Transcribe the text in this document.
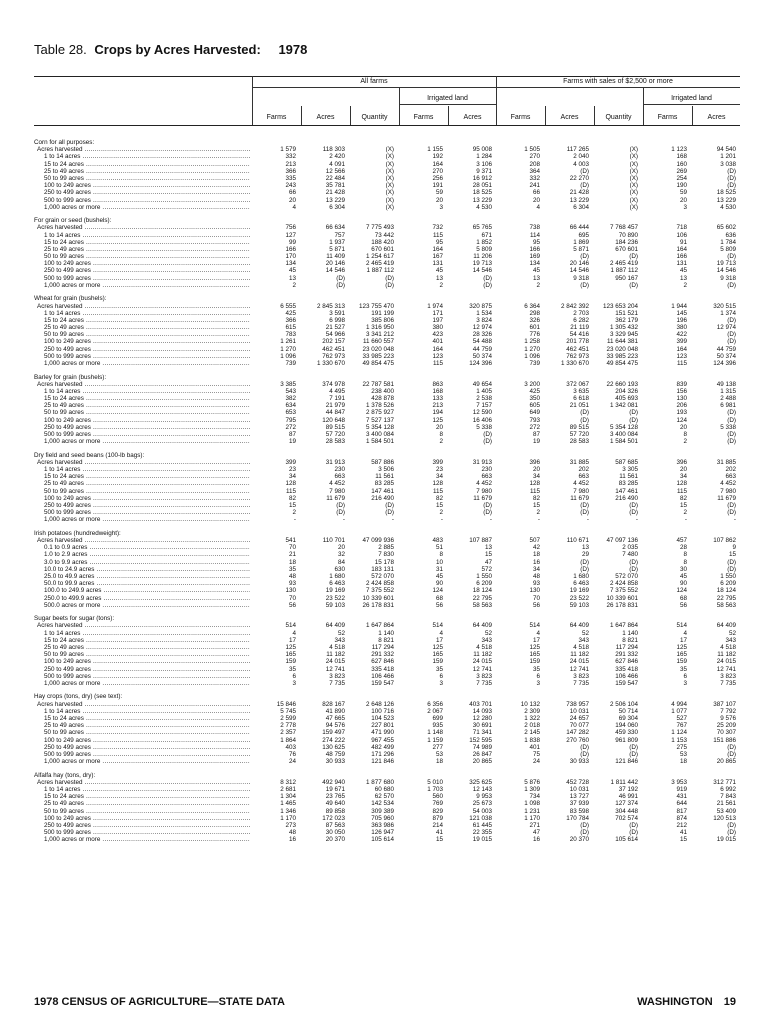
Table 28. Crops by Acres Harvested: 1978
All farms	Farms with sales of $2,500 or more
Irrigated land	Irrigated land
Farms	Acres	Quantity	Farms	Acres	Farms	Acres	Quantity	Farms	Acres
Corn for all purposes:
Acres harvested .....	1 579	118 303	(X)	1 155	95 008	1 505	117 265	(X)	1 123	94 540
1 to 14 acres .....	332	2 420	(X)	192	1 284	270	2 040	(X)	168	1 201
15 to 24 acres .....	213	4 091	(X)	164	3 106	208	4 003	(X)	160	3 038
25 to 49 acres .....	366	12 566	(X)	270	9 371	364	(D)	(X)	269	(D)
50 to 99 acres .....	335	22 484	(X)	256	16 912	332	22 270	(X)	254	(D)
100 to 249 acres .....	243	35 781	(X)	191	28 051	241	(D)	(X)	190	(D)
250 to 499 acres .....	66	21 428	(X)	59	18 525	66	21 428	(X)	59	18 525
500 to 999 acres .....	20	13 229	(X)	20	13 229	20	13 229	(X)	20	13 229
1,000 acres or more .....	4	6 304	(X)	3	4 530	4	6 304	(X)	3	4 530
For grain or seed (bushels):
Acres harvested .....	756	66 634	7 775 493	732	65 765	738	66 444	7 768 457	718	65 602
1 to 14 acres .....	127	757	73 442	115	671	114	695	70 890	106	636
15 to 24 acres .....	99	1 937	188 420	95	1 852	95	1 869	184 236	91	1 784
25 to 49 acres .....	166	5 871	670 601	164	5 809	166	5 871	670 601	164	5 809
50 to 99 acres .....	170	11 409	1 254 617	167	11 206	169	(D)	(D)	166	(D)
100 to 249 acres .....	134	20 146	2 465 419	131	19 713	134	20 146	2 465 419	131	19 713
250 to 499 acres .....	45	14 546	1 887 112	45	14 546	45	14 546	1 887 112	45	14 546
500 to 999 acres .....	13	(D)	(D)	13	(D)	13	9 318	950 167	13	9 318
1,000 acres or more .....	2	(D)	(D)	2	(D)	2	(D)	(D)	2	(D)
Wheat for grain (bushels):
Acres harvested .....	6 555	2 845 313	123 755 470	1 974	320 875	6 364	2 842 392	123 653 204	1 944	320 515
1 to 14 acres .....	425	3 591	191 199	171	1 534	298	2 703	151 521	145	1 374
15 to 24 acres .....	366	6 998	385 806	197	3 824	326	6 282	362 179	196	(D)
25 to 49 acres .....	615	21 527	1 316 950	380	12 974	601	21 119	1 305 432	380	12 974
50 to 99 acres .....	783	54 966	3 341 212	423	28 326	776	54 416	3 329 945	422	(D)
100 to 249 acres .....	1 261	202 157	11 660 557	401	54 488	1 258	201 778	11 644 381	399	(D)
250 to 499 acres .....	1 270	462 451	23 020 048	164	44 759	1 270	462 451	23 020 048	164	44 759
500 to 999 acres .....	1 096	762 973	33 985 223	123	50 374	1 096	762 973	33 985 223	123	50 374
1,000 acres or more .....	739	1 330 670	49 854 475	115	124 396	739	1 330 670	49 854 475	115	124 396
Barley for grain (bushels):
Acres harvested .....	3 385	374 978	22 787 581	863	49 654	3 200	372 067	22 660 193	839	49 138
1 to 14 acres .....	543	4 495	238 400	168	1 405	425	3 635	204 326	156	1 315
15 to 24 acres .....	382	7 191	428 878	133	2 538	350	6 618	405 693	130	2 488
25 to 49 acres .....	634	21 979	1 378 526	213	7 157	605	21 051	1 342 081	206	6 981
50 to 99 acres .....	653	44 847	2 875 927	194	12 590	649	(D)	(D)	193	(D)
100 to 249 acres .....	795	120 648	7 527 137	125	16 406	793	(D)	(D)	124	(D)
250 to 499 acres .....	272	89 515	5 354 128	20	5 338	272	89 515	5 354 128	20	5 338
500 to 999 acres .....	87	57 720	3 400 084	8	(D)	87	57 720	3 400 084	8	(D)
1,000 acres or more .....	19	28 583	1 584 501	2	(D)	19	28 583	1 584 501	2	(D)
Dry field and seed beans (100-lb bags):
Acres harvested .....	399	31 913	587 886	399	31 913	396	31 885	587 685	396	31 885
1 to 14 acres .....	23	230	3 506	23	230	20	202	3 305	20	202
15 to 24 acres .....	34	663	11 561	34	663	34	663	11 561	34	663
25 to 49 acres .....	128	4 452	83 285	128	4 452	128	4 452	83 285	128	4 452
50 to 99 acres .....	115	7 980	147 461	115	7 980	115	7 980	147 461	115	7 980
100 to 249 acres .....	82	11 679	216 490	82	11 679	82	11 679	216 490	82	11 679
250 to 499 acres .....	15	(D)	(D)	15	(D)	15	(D)	(D)	15	(D)
500 to 999 acres .....	2	(D)	(D)	2	(D)	2	(D)	(D)	2	(D)
1,000 acres or more .....	-	-	-	-	-	-	-	-	-	-
Irish potatoes (hundredweight):
Acres harvested .....	541	110 701	47 099 936	483	107 887	507	110 671	47 097 136	457	107 862
0.1 to 0.9 acres .....	70	20	2 885	51	13	42	13	2 035	28	9
1.0 to 2.9 acres .....	21	32	7 830	8	15	18	29	7 480	8	15
3.0 to 9.9 acres .....	18	84	15 178	10	47	16	(D)	(D)	8	(D)
10.0 to 24.9 acres .....	35	630	183 131	31	572	34	(D)	(D)	30	(D)
25.0 to 49.9 acres .....	48	1 680	572 070	45	1 550	48	1 680	572 070	45	1 550
50.0 to 99.9 acres .....	93	6 463	2 424 858	90	6 209	93	6 463	2 424 858	90	6 209
100.0 to 249.9 acres .....	130	19 169	7 375 552	124	18 124	130	19 169	7 375 552	124	18 124
250.0 to 499.9 acres .....	70	23 522	10 339 601	68	22 795	70	23 522	10 339 601	68	22 795
500.0 acres or more .....	56	59 103	26 178 831	56	58 563	56	59 103	26 178 831	56	58 563
Sugar beets for sugar (tons):
Acres harvested .....	514	64 409	1 647 864	514	64 409	514	64 409	1 647 864	514	64 409
1 to 14 acres .....	4	52	1 140	4	52	4	52	1 140	4	52
15 to 24 acres .....	17	343	8 821	17	343	17	343	8 821	17	343
25 to 49 acres .....	125	4 518	117 294	125	4 518	125	4 518	117 294	125	4 518
50 to 99 acres .....	165	11 182	291 332	165	11 182	165	11 182	291 332	165	11 182
100 to 249 acres .....	159	24 015	627 846	159	24 015	159	24 015	627 846	159	24 015
250 to 499 acres .....	35	12 741	335 418	35	12 741	35	12 741	335 418	35	12 741
500 to 999 acres .....	6	3 823	106 466	6	3 823	6	3 823	106 466	6	3 823
1,000 acres or more .....	3	7 735	159 547	3	7 735	3	7 735	159 547	3	7 735
Hay crops (tons, dry) (see text):
Acres harvested .....	15 846	828 167	2 648 126	6 356	403 701	10 132	738 957	2 506 104	4 994	387 107
1 to 14 acres .....	5 745	41 890	100 716	2 067	14 093	2 309	10 031	50 714	1 077	7 792
15 to 24 acres .....	2 599	47 665	104 523	699	12 280	1 322	24 657	69 304	527	9 576
25 to 49 acres .....	2 778	94 576	227 801	935	30 691	2 018	70 077	194 060	767	25 209
50 to 99 acres .....	2 357	159 497	471 990	1 148	71 341	2 145	147 282	459 330	1 124	70 307
100 to 249 acres .....	1 864	274 222	967 455	1 159	152 595	1 838	270 760	961 809	1 153	151 886
250 to 499 acres .....	403	130 625	482 499	277	74 989	401	(D)	(D)	275	(D)
500 to 999 acres .....	76	48 759	171 296	53	26 847	75	(D)	(D)	53	(D)
1,000 acres or more .....	24	30 933	121 846	18	20 865	24	30 933	121 846	18	20 865
Alfalfa hay (tons, dry):
Acres harvested .....	8 312	492 940	1 877 680	5 010	325 625	5 876	452 728	1 811 442	3 953	312 771
1 to 14 acres .....	2 681	19 671	60 680	1 703	12 143	1 309	10 031	37 192	919	6 992
15 to 24 acres .....	1 304	23 765	62 570	560	9 953	734	13 727	46 991	431	7 843
25 to 49 acres .....	1 465	49 640	142 534	769	25 673	1 098	37 939	127 374	644	21 561
50 to 99 acres .....	1 346	89 858	309 389	829	54 003	1 231	83 598	304 448	817	53 409
100 to 249 acres .....	1 170	172 023	705 960	879	121 038	1 170	170 784	702 574	874	120 513
250 to 499 acres .....	273	87 563	363 986	214	61 445	271	(D)	(D)	212	(D)
500 to 999 acres .....	48	30 050	126 947	41	22 355	47	(D)	(D)	41	(D)
1,000 acres or more .....	16	20 370	105 614	15	19 015	16	20 370	105 614	15	19 015
1978 CENSUS OF AGRICULTURE—STATE DATA	WASHINGTON 19
